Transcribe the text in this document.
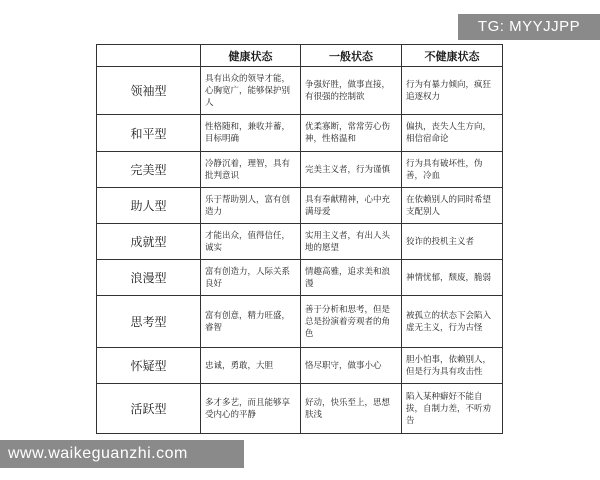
TG: MYYJJPP
	健康状态	一般状态	不健康状态
领袖型	具有出众的领导才能，心胸宽广，能够保护别人	争强好胜，做事直接，有很强的控制欲	行为有暴力倾向，疯狂追逐权力
和平型	性格随和，兼收并蓄，目标明确	优柔寡断，常常劳心伤神，性格温和	偏执，丧失人生方向，相信宿命论
完美型	冷静沉着，理智，具有批判意识	完美主义者，行为谨慎	行为具有破坏性，伪善，冷血
助人型	乐于帮助别人，富有创造力	具有奉献精神，心中充满母爱	在依赖别人的同时希望支配别人
成就型	才能出众，值得信任，诚实	实用主义者，有出人头地的愿望	狡诈的投机主义者
浪漫型	富有创造力，人际关系良好	情趣高雅，追求美和浪漫	神情忧郁，颓废，脆弱
思考型	富有创意，精力旺盛，睿智	善于分析和思考，但是总是扮演着旁观者的角色	被孤立的状态下会陷入虚无主义，行为古怪
怀疑型	忠诚，勇敢，大胆	恪尽职守，做事小心	胆小怕事，依赖别人，但是行为具有攻击性
活跃型	多才多艺，而且能够享受内心的平静	好动，快乐至上，思想肤浅	陷入某种癖好不能自拔，自制力差，不听劝告
www.waikeguanzhi.com
